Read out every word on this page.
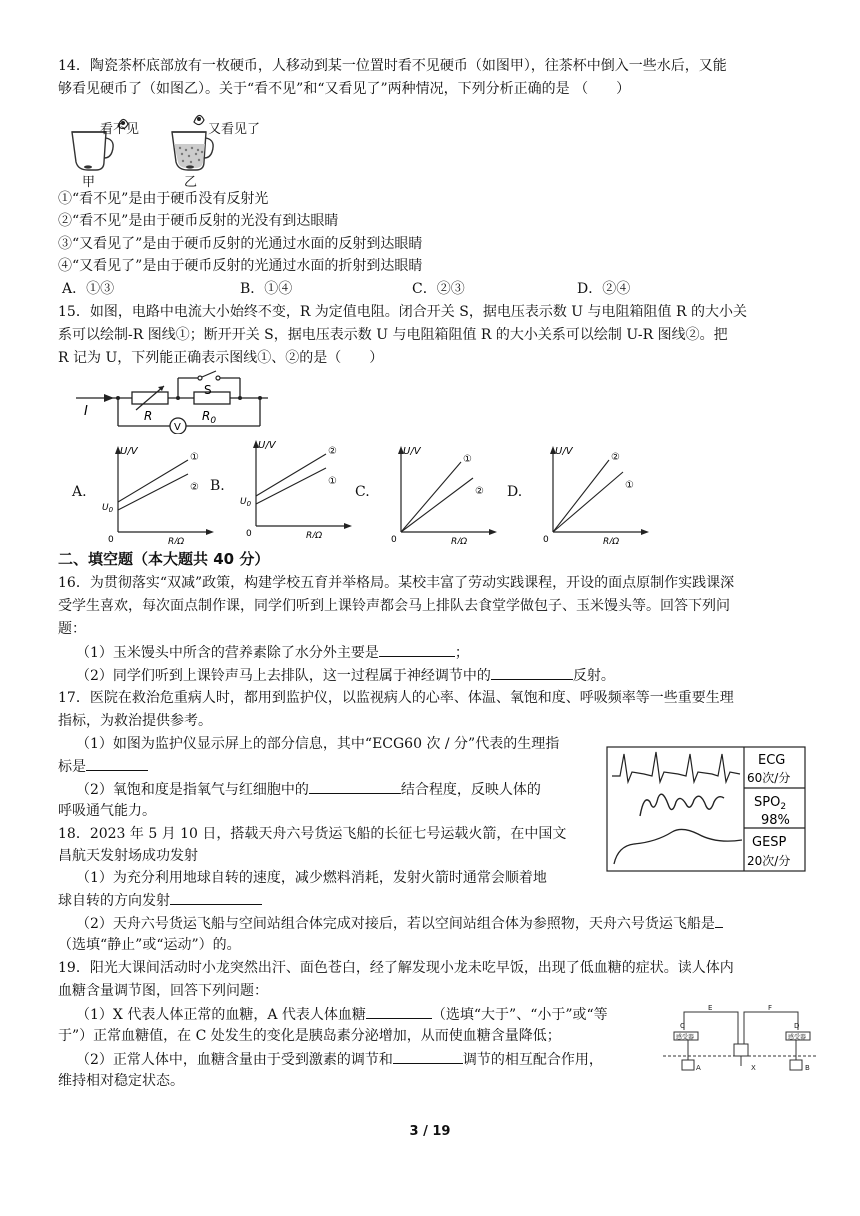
14．陶瓷茶杯底部放有一枚硬币，人移动到某一位置时看不见硬币（如图甲），往茶杯中倒入一些水后，又能
够看见硬币了（如图乙）。关于“看不见”和“又看见了”两种情况，下列分析正确的是 （　　）
看不见	又看见了
甲	乙
①“看不见”是由于硬币没有反射光
②“看不见”是由于硬币反射的光没有到达眼睛
③“又看见了”是由于硬币反射的光通过水面的反射到达眼睛
④“又看见了”是由于硬币反射的光通过水面的折射到达眼睛
A．①③	B．①④	C．②③	D．②④
15．如图，电路中电流大小始终不变，R 为定值电阻。闭合开关 S，据电压表示数 U 与电阻箱阻值 R 的大小关
系可以绘制-R 图线①；断开开关 S，据电压表示数 U 与电阻箱阻值 R 的大小关系可以绘制 U-R 图线②。把
R 记为 U，下列能正确表示图线①、②的是（　　）
I	R	$R_0$
S
V
A.
U/V
R/Ω
0
$U_0$
①
② B.
U/V
R/Ω
0
$U_0$
②
①
C.
U/V
R/Ω
0
①
② D.
U/V
R/Ω
0
②
①
二、填空题（本大题共 40 分）
16．为贯彻落实“双减”政策，构建学校五育并举格局。某校丰富了劳动实践课程，开设的面点原制作实践课深
受学生喜欢，每次面点制作课，同学们听到上课铃声都会马上排队去食堂学做包子、玉米馒头等。回答下列问
题：
（1）玉米馒头中所含的营养素除了水分外主要是	；
（2）同学们听到上课铃声马上去排队，这一过程属于神经调节中的	反射。
17．医院在救治危重病人时，都用到监护仪，以监视病人的心率、体温、氧饱和度、呼吸频率等一些重要生理
指标，为救治提供参考。
（1）如图为监护仪显示屏上的部分信息，其中“ECG60 次 / 分”代表的生理指
标是
（2）氧饱和度是指氧气与红细胞中的	结合程度，反映人体的
呼吸通气能力。
ECG
60次/分
$SPO_2$
98%
GESP
20次/分
18．2023 年 5 月 10 日，搭载天舟六号货运飞船的长征七号运载火箭，在中国文
昌航天发射场成功发射
（1）为充分利用地球自转的速度，减少燃料消耗，发射火箭时通常会顺着地
球自转的方向发射
（2）天舟六号货运飞船与空间站组合体完成对接后，若以空间站组合体为参照物，天舟六号货运飞船是
（选填“静止”或“运动”）的。
19．阳光大课间活动时小龙突然出汗、面色苍白，经了解发现小龙未吃早饭，出现了低血糖的症状。读人体内
血糖含量调节图，回答下列问题：
（1）X 代表人体正常的血糖，A 代表人体血糖	（选填“大于”、“小于”或“等
于”）正常血糖值，在 C 处发生的变化是胰岛素分泌增加，从而使血糖含量降低；
（2）正常人体中，血糖含量由于受到激素的调节和	调节的相互配合作用，
维持相对稳定状态。
E	F
C	D
感受器	感受器
A	X	B
3 / 19
